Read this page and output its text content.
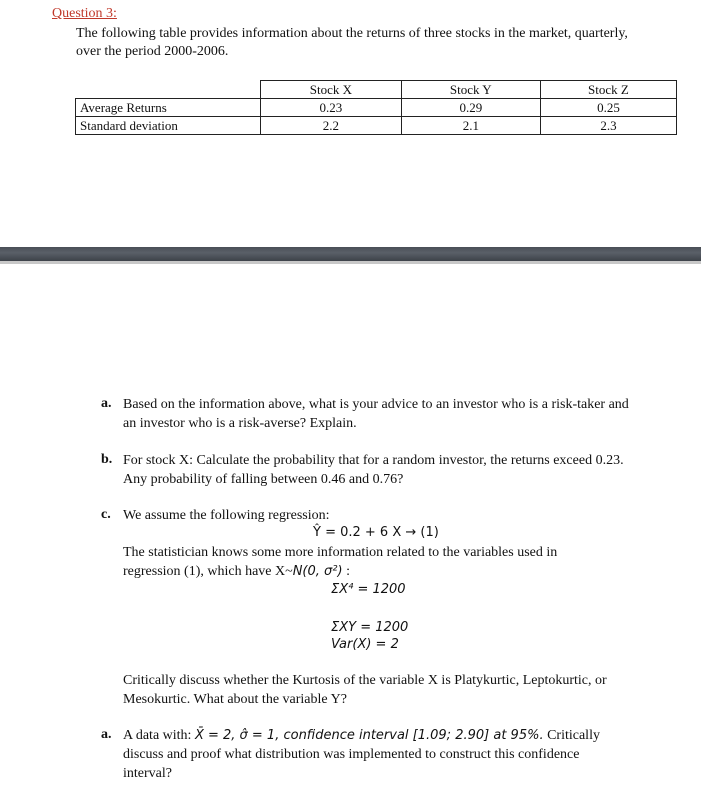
Question 3:
The following table provides information about the returns of three stocks in the market, quarterly, over the period 2000-2006.
	Stock X	Stock Y	Stock Z
Average Returns	0.23	0.29	0.25
Standard deviation	2.2	2.1	2.3
a. Based on the information above, what is your advice to an investor who is a risk-taker and an investor who is a risk-averse? Explain.
b. For stock X: Calculate the probability that for a random investor, the returns exceed 0.23. Any probability of falling between 0.46 and 0.76?
c. We assume the following regression:
Ŷ = 0.2 + 6 X → (1)
The statistician knows some more information related to the variables used in regression (1), which have X~N(0, σ²) :
ΣX⁴ = 1200
ΣXY = 1200
Var(X) = 2
Critically discuss whether the Kurtosis of the variable X is Platykurtic, Leptokurtic, or Mesokurtic. What about the variable Y?
a. A data with: X̄ = 2, σ̂ = 1, confidence interval [1.09; 2.90] at 95%. Critically discuss and proof what distribution was implemented to construct this confidence interval?
